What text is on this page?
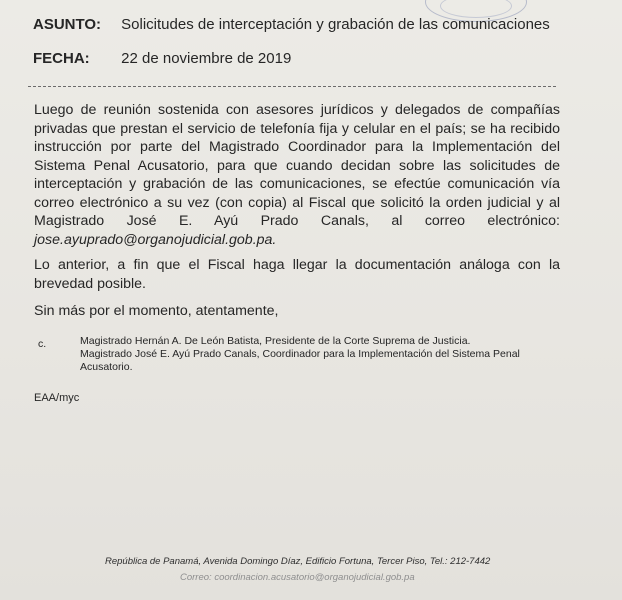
ASUNTO: Solicitudes de interceptación y grabación de las comunicaciones
FECHA: 22 de noviembre de 2019

Luego de reunión sostenida con asesores jurídicos y delegados de compañías privadas que prestan el servicio de telefonía fija y celular en el país; se ha recibido instrucción por parte del Magistrado Coordinador para la Implementación del Sistema Penal Acusatorio, para que cuando decidan sobre las solicitudes de interceptación y grabación de las comunicaciones, se efectúe comunicación vía correo electrónico a su vez (con copia) al Fiscal que solicitó la orden judicial y al Magistrado José E. Ayú Prado Canals, al correo electrónico: jose.ayuprado@organojudicial.gob.pa.

Lo anterior, a fin que el Fiscal haga llegar la documentación análoga con la brevedad posible.

Sin más por el momento, atentamente,
c.	Magistrado Hernán A. De León Batista, Presidente de la Corte Suprema de Justicia.
Magistrado José E. Ayú Prado Canals, Coordinador para la Implementación del Sistema Penal Acusatorio.
EAA/myc
República de Panamá, Avenida Domingo Díaz, Edificio Fortuna, Tercer Piso, Tel.: 212-7442
Correo: coordinacion.acusatorio@organojudicial.gob.pa
